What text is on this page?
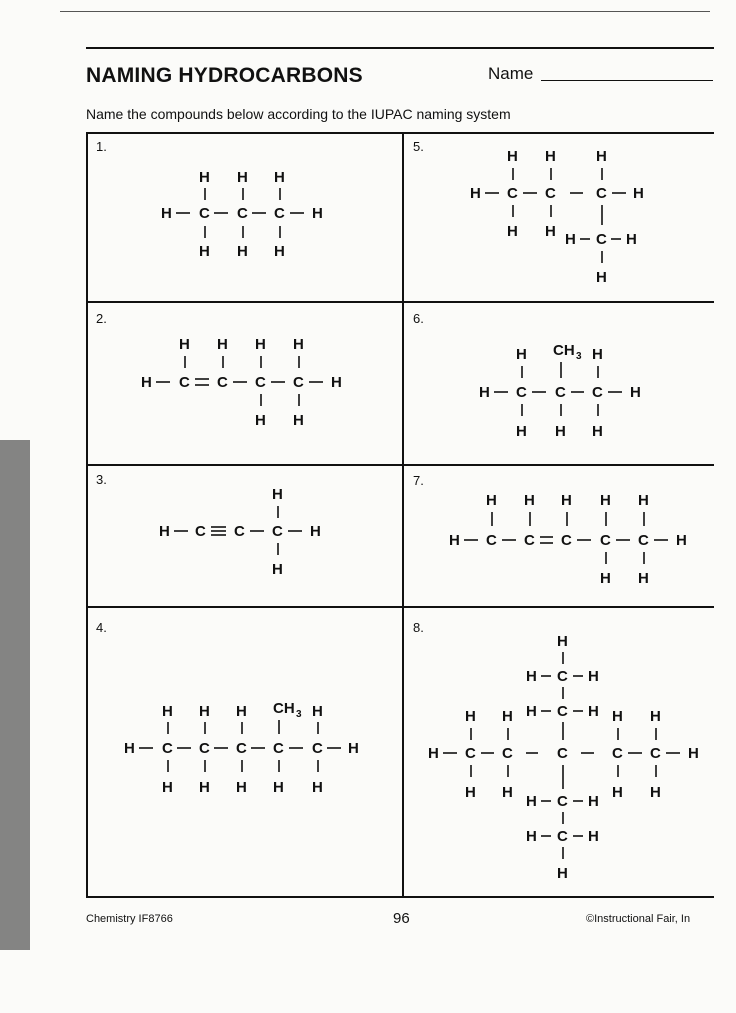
NAMING HYDROCARBONS	Name
Name the compounds below according to the IUPAC naming system
1.
2.
3.
4.
5.
6.
7.
8.
H H H
H C C C H
H H H
H H H H
H C C C C H
H H
H
H C C C H
H
H H H CH 3 H
H C C C C C H
H H H H H
H H	H
H C C	C H
H H H C H
H
H CH 3 H
H C C C H
H H H
H H H H H
H C C C C C H
H H
H
H C H
H H H C H H H
H C C	C	C C H
H H
H C H
H H
H C H
H
Chemistry IF8766	96	©Instructional Fair, In
